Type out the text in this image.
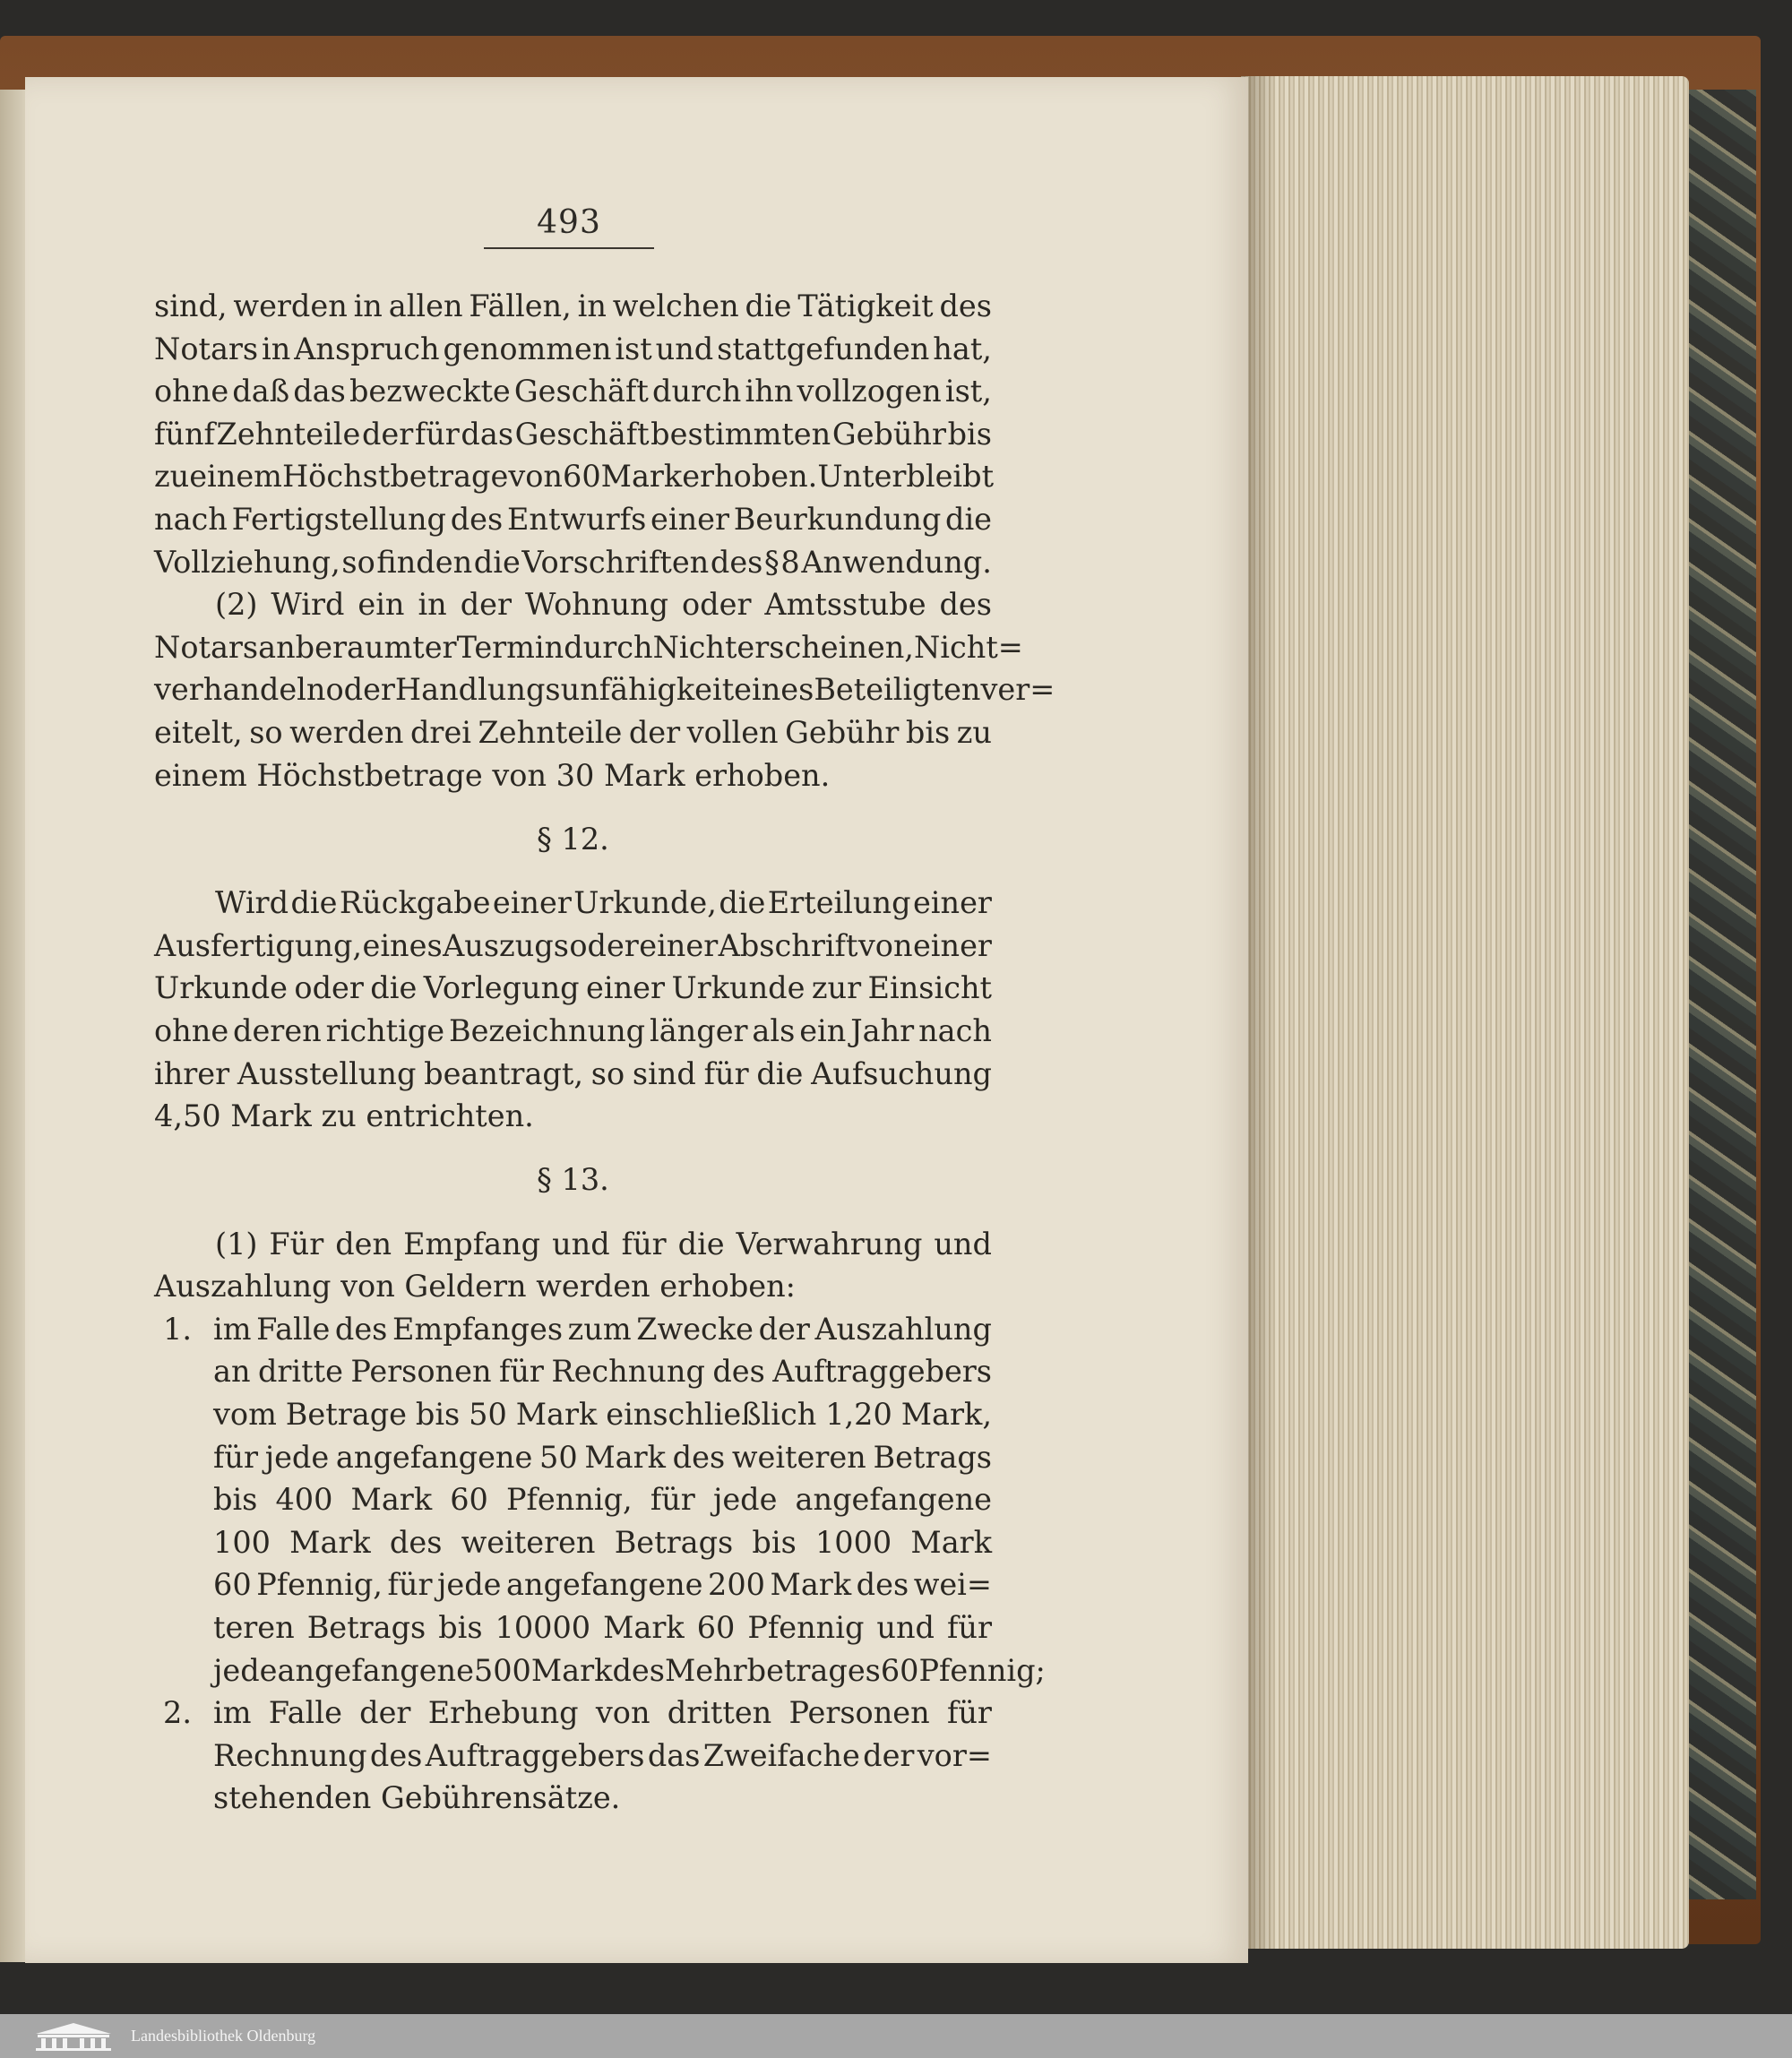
493
sind, werden in allen Fällen, in welchen die Tätigkeit des
Notars in Anspruch genommen ist und stattgefunden hat,
ohne daß das bezweckte Geschäft durch ihn vollzogen ist,
fünf Zehnteile der für das Geschäft bestimmten Gebühr bis
zu einem Höchstbetrage von 60 Mark erhoben. Unterbleibt
nach Fertigstellung des Entwurfs einer Beurkundung die
Vollziehung, so finden die Vorschriften des § 8 Anwendung.
(2) Wird ein in der Wohnung oder Amtsstube des
Notars anberaumter Termin durch Nichterscheinen, Nicht=
verhandeln oder Handlungsunfähigkeit eines Beteiligten ver=
eitelt, so werden drei Zehnteile der vollen Gebühr bis zu
einem Höchstbetrage von 30 Mark erhoben.
§ 12.
Wird die Rückgabe einer Urkunde, die Erteilung einer
Ausfertigung, eines Auszugs oder einer Abschrift von einer
Urkunde oder die Vorlegung einer Urkunde zur Einsicht
ohne deren richtige Bezeichnung länger als ein Jahr nach
ihrer Ausstellung beantragt, so sind für die Aufsuchung
4,50 Mark zu entrichten.
§ 13.
(1) Für den Empfang und für die Verwahrung und
Auszahlung von Geldern werden erhoben:
1. im Falle des Empfanges zum Zwecke der Auszahlung
an dritte Personen für Rechnung des Auftraggebers
vom Betrage bis 50 Mark einschließlich 1,20 Mark,
für jede angefangene 50 Mark des weiteren Betrags
bis 400 Mark 60 Pfennig, für jede angefangene
100 Mark des weiteren Betrags bis 1000 Mark
60 Pfennig, für jede angefangene 200 Mark des wei=
teren Betrags bis 10000 Mark 60 Pfennig und für
jede angefangene 500 Mark des Mehrbetrages 60 Pfennig;
2. im Falle der Erhebung von dritten Personen für
Rechnung des Auftraggebers das Zweifache der vor=
stehenden Gebührensätze.
Landesbibliothek Oldenburg
